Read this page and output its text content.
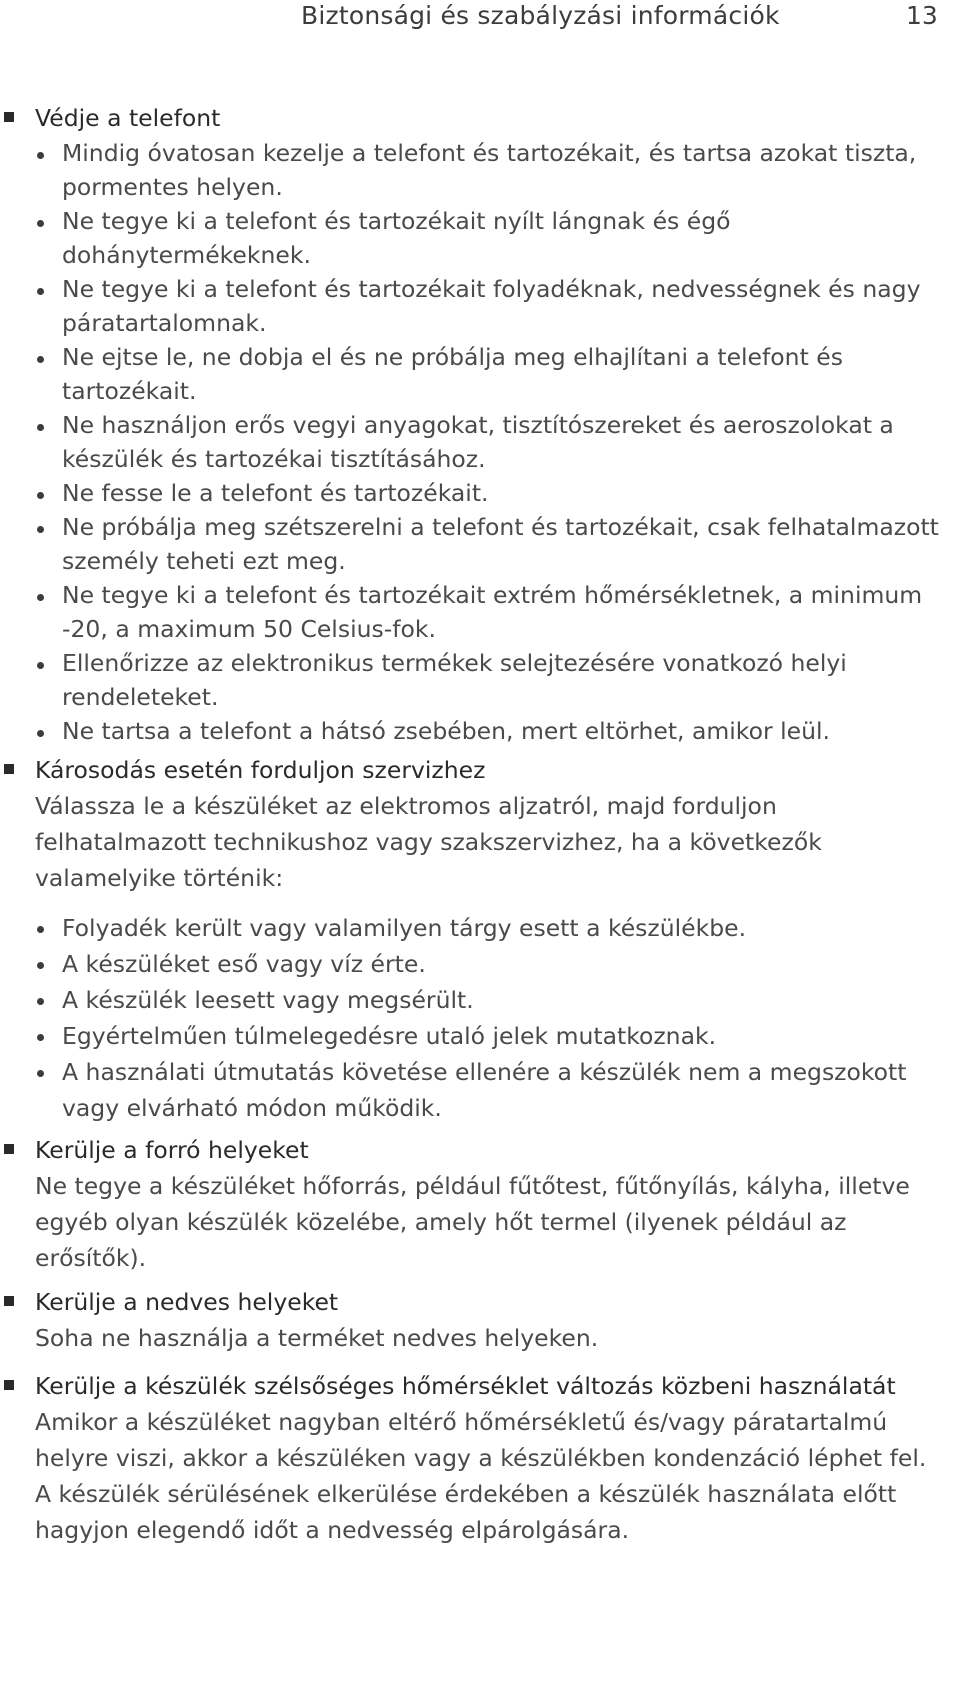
Biztonsági és szabályzási információk	13
Védje a telefont
Mindig óvatosan kezelje a telefont és tartozékait, és tartsa azokat tiszta, pormentes helyen.
Ne tegye ki a telefont és tartozékait nyílt lángnak és égő dohánytermékeknek.
Ne tegye ki a telefont és tartozékait folyadéknak, nedvességnek és nagy páratartalomnak.
Ne ejtse le, ne dobja el és ne próbálja meg elhajlítani a telefont és tartozékait.
Ne használjon erős vegyi anyagokat, tisztítószereket és aeroszolokat a készülék és tartozékai tisztításához.
Ne fesse le a telefont és tartozékait.
Ne próbálja meg szétszerelni a telefont és tartozékait, csak felhatalmazott személy teheti ezt meg.
Ne tegye ki a telefont és tartozékait extrém hőmérsékletnek, a minimum -20, a maximum 50 Celsius-fok.
Ellenőrizze az elektronikus termékek selejtezésére vonatkozó helyi rendeleteket.
Ne tartsa a telefont a hátsó zsebében, mert eltörhet, amikor leül.
Károsodás esetén forduljon szervizhez

Válassza le a készüléket az elektromos aljzatról, majd forduljon felhatalmazott technikushoz vagy szakszervizhez, ha a következők valamelyike történik:

Folyadék került vagy valamilyen tárgy esett a készülékbe.
A készüléket eső vagy víz érte.
A készülék leesett vagy megsérült.
Egyértelműen túlmelegedésre utaló jelek mutatkoznak.
A használati útmutatás követése ellenére a készülék nem a megszokott vagy elvárható módon működik.
Kerülje a forró helyeket

Ne tegye a készüléket hőforrás, például fűtőtest, fűtőnyílás, kályha, illetve egyéb olyan készülék közelébe, amely hőt termel (ilyenek például az erősítők).

Kerülje a nedves helyeket

Soha ne használja a terméket nedves helyeken.

Kerülje a készülék szélsőséges hőmérséklet változás közbeni használatát

Amikor a készüléket nagyban eltérő hőmérsékletű és/vagy páratartalmú helyre viszi, akkor a készüléken vagy a készülékben kondenzáció léphet fel. A készülék sérülésének elkerülése érdekében a készülék használata előtt hagyjon elegendő időt a nedvesség elpárolgására.
